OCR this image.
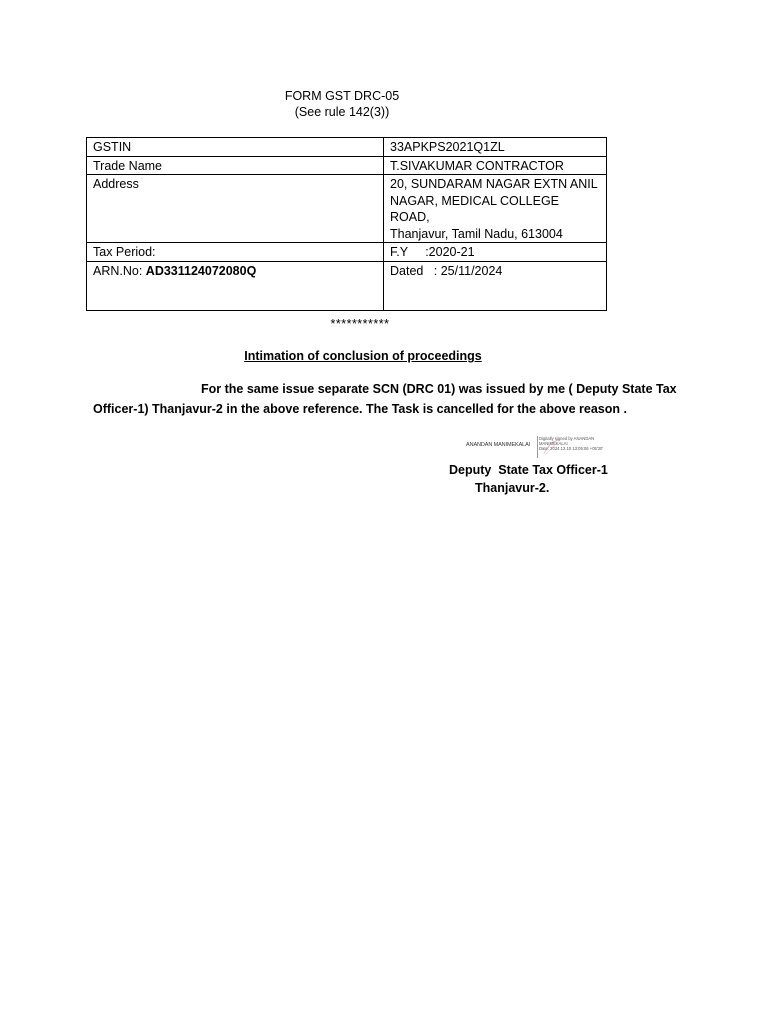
FORM GST DRC-05
(See rule 142(3))
GSTIN	33APKPS2021Q1ZL
Trade Name	T.SIVAKUMAR CONTRACTOR
Address	20, SUNDARAM NAGAR EXTN ANIL
NAGAR, MEDICAL COLLEGE ROAD,
Thanjavur, Tamil Nadu, 613004

Tax Period:	F.Y     :2020-21
ARN.No: AD331124072080Q	Dated   : 25/11/2024
***********
Intimation of conclusion of proceedings
For the same issue separate SCN (DRC 01) was issued by me ( Deputy State Tax Officer-1) Thanjavur-2 in the above reference. The Task is cancelled for the above reason .
ANANDAN MANIMEKALAI
Digitally signed by ANANDAN
MANIMEKALAI
Date: 2024.12.10 13:05:06 +05'30'
Deputy  State Tax Officer-1
Thanjavur-2.
